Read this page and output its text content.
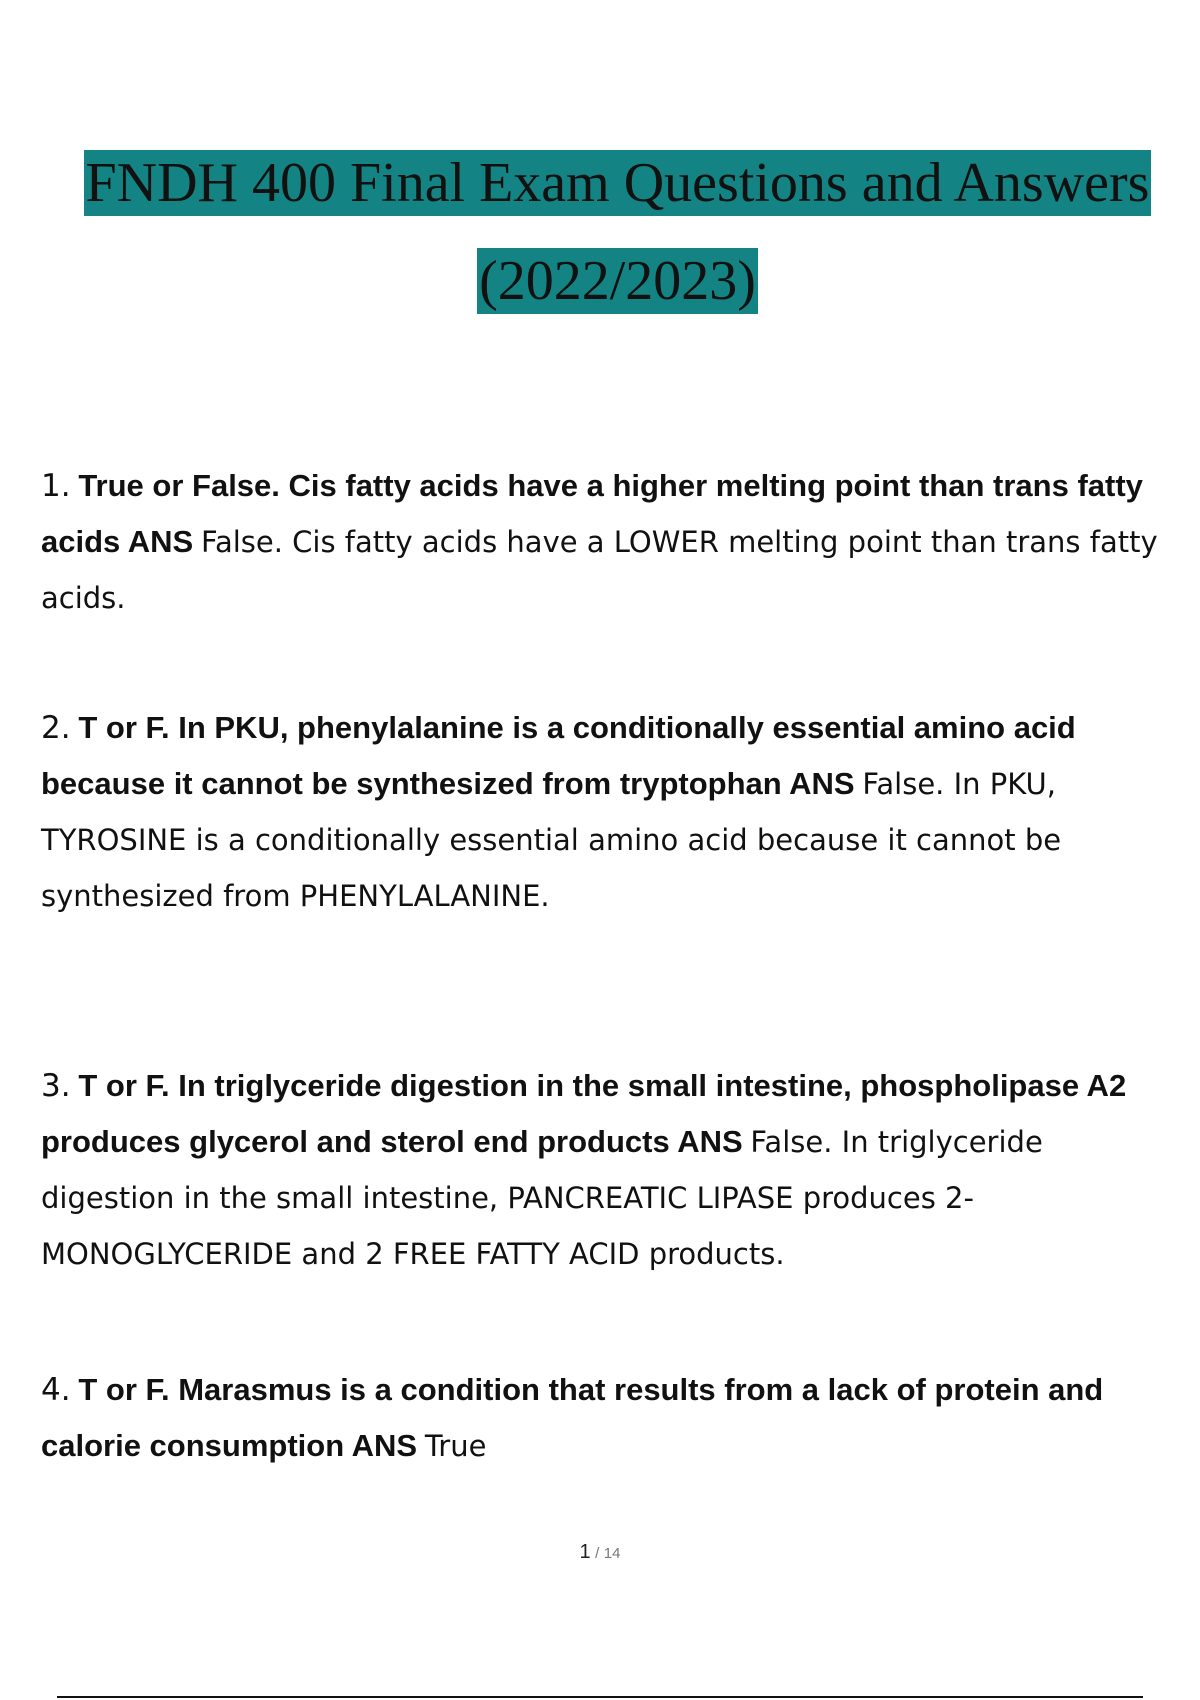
FNDH 400 Final Exam Questions and Answers
(2022/2023)
1. True or False. Cis fatty acids have a higher melting point than trans fatty acids ANS False. Cis fatty acids have a LOWER melting point than trans fatty acids.
2. T or F. In PKU, phenylalanine is a conditionally essential amino acid because it cannot be synthesized from tryptophan ANS False. In PKU, TYROSINE is a conditionally essential amino acid because it cannot be synthesized from PHENYLALANINE.
3. T or F. In triglyceride digestion in the small intestine, phospholipase A2 produces glycerol and sterol end products ANS False. In triglyceride digestion in the small intestine, PANCREATIC LIPASE produces 2-MONOGLYCERIDE and 2 FREE FATTY ACID products.
4. T or F. Marasmus is a condition that results from a lack of protein and calorie consumption ANS True
1 / 14
